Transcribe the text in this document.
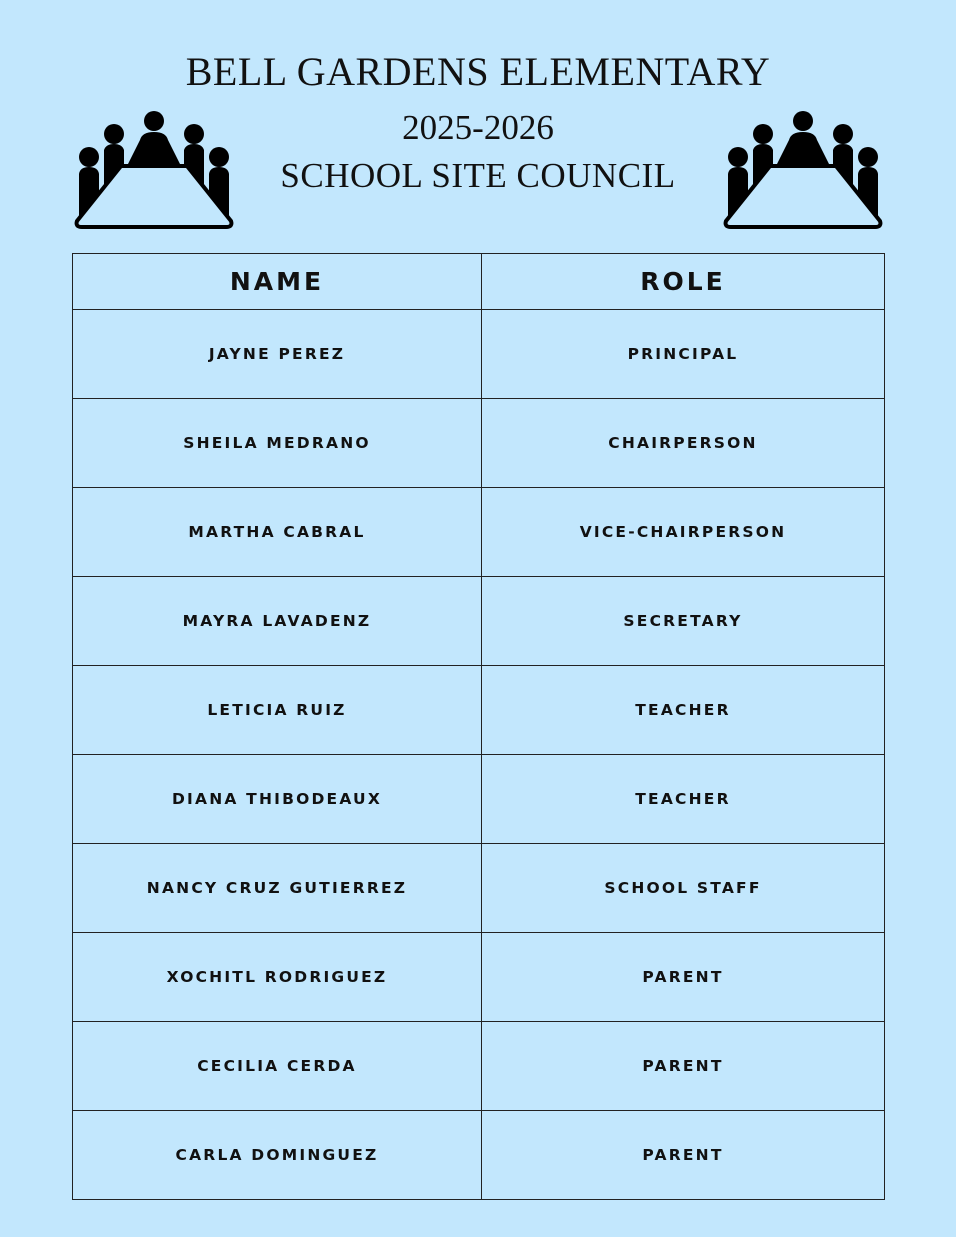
BELL GARDENS ELEMENTARY
2025-2026
SCHOOL SITE COUNCIL
NAME	ROLE
JAYNE PEREZ	PRINCIPAL
SHEILA MEDRANO	CHAIRPERSON
MARTHA CABRAL	VICE-CHAIRPERSON
MAYRA LAVADENZ	SECRETARY
LETICIA RUIZ	TEACHER
DIANA THIBODEAUX	TEACHER
NANCY CRUZ GUTIERREZ	SCHOOL STAFF
XOCHITL RODRIGUEZ	PARENT
CECILIA CERDA	PARENT
CARLA DOMINGUEZ	PARENT
